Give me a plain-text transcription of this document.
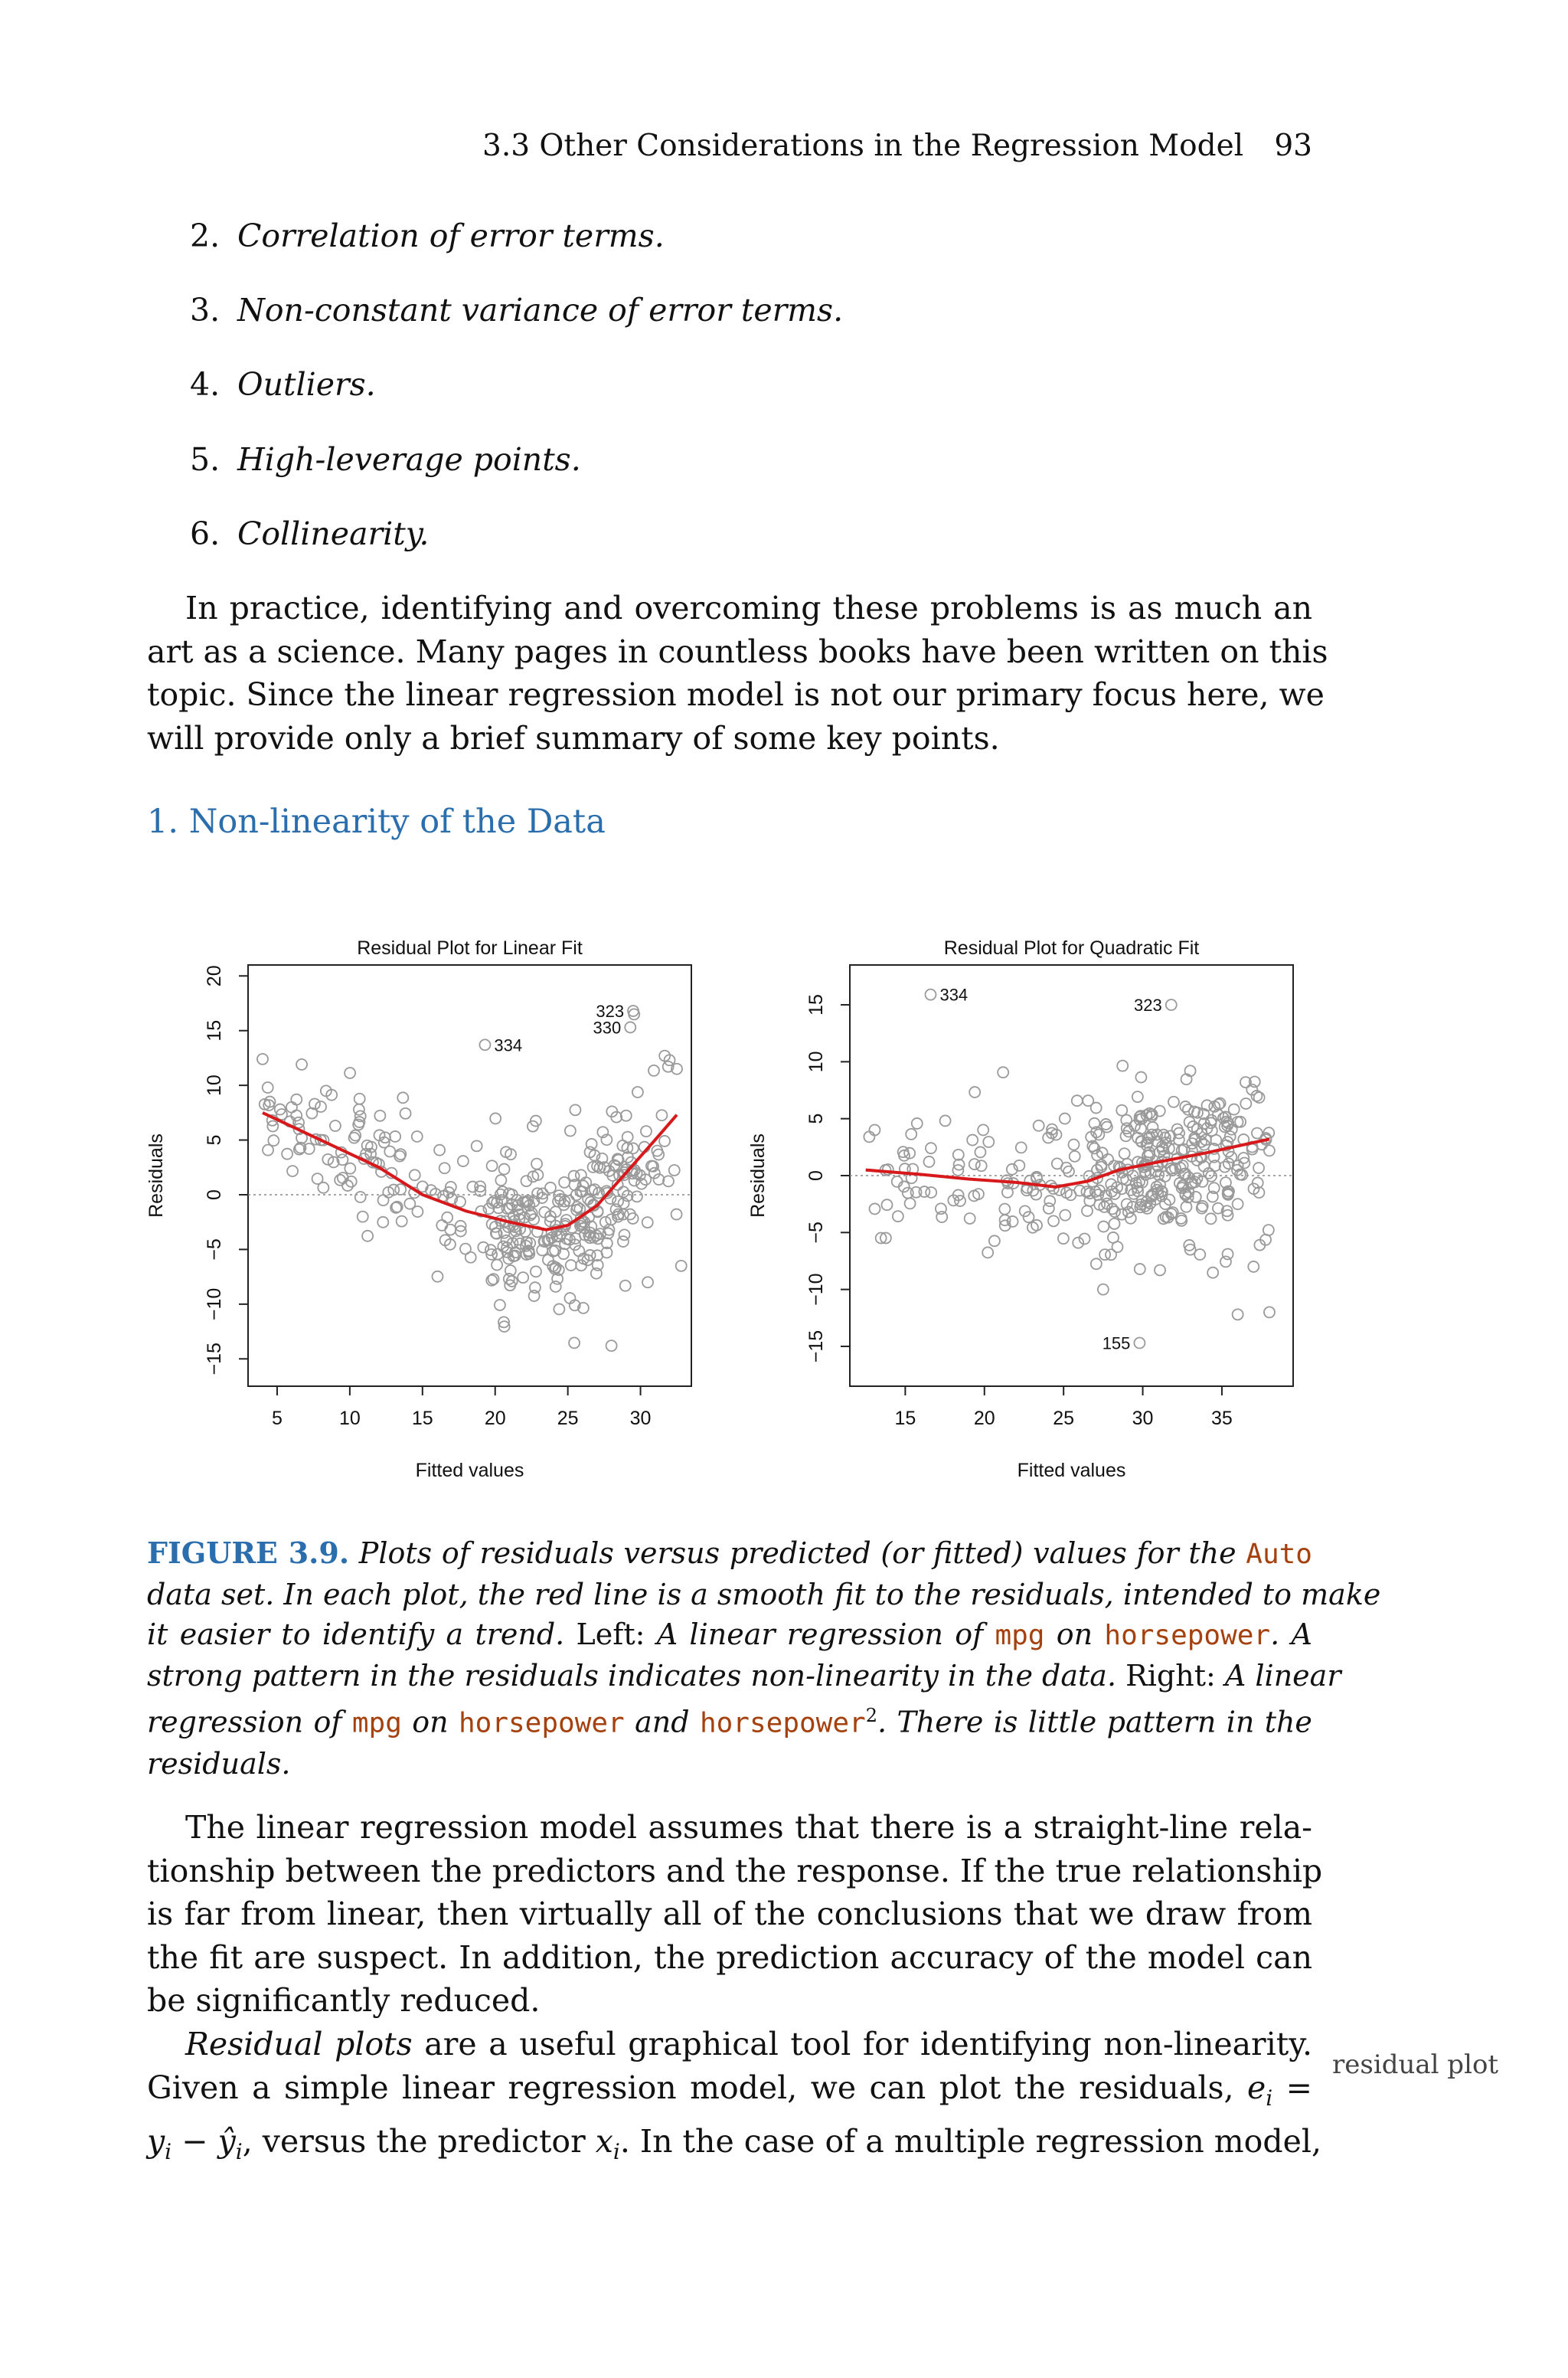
3.3 Other Considerations in the Regression Model 93
2. Correlation of error terms.
3. Non-constant variance of error terms.
4. Outliers.
5. High-leverage points.
6. Collinearity.
In practice, identifying and overcoming these problems is as much an
art as a science. Many pages in countless books have been written on this
topic. Since the linear regression model is not our primary focus here, we
will provide only a brief summary of some key points.
1. Non-linearity of the Data
Residual Plot for Linear Fit
5	10	15	20	25	30
−15
−10
−5
0
5
10
15
20
Fitted values
Residuals
323
330
334
Residual Plot for Quadratic Fit
15	20	25	30	35
−15
−10
−5
0
5
10
15
Fitted values
Residuals
334
323
155
FIGURE 3.9. Plots of residuals versus predicted (or fitted) values for the Auto
data set. In each plot, the red line is a smooth fit to the residuals, intended to make
it easier to identify a trend. Left: A linear regression of mpg on horsepower. A
strong pattern in the residuals indicates non-linearity in the data. Right: A linear
regression of mpg on horsepower and horsepower$^2$. There is little pattern in the
residuals.
The linear regression model assumes that there is a straight-line rela-
tionship between the predictors and the response. If the true relationship
is far from linear, then virtually all of the conclusions that we draw from
the fit are suspect. In addition, the prediction accuracy of the model can
be significantly reduced.
Residual plots are a useful graphical tool for identifying non-linearity.
Given a simple linear regression model, we can plot the residuals, $e_i$ =
$y_i$ − $ŷ_i$, versus the predictor $x_i$. In the case of a multiple regression model,
residual plot
